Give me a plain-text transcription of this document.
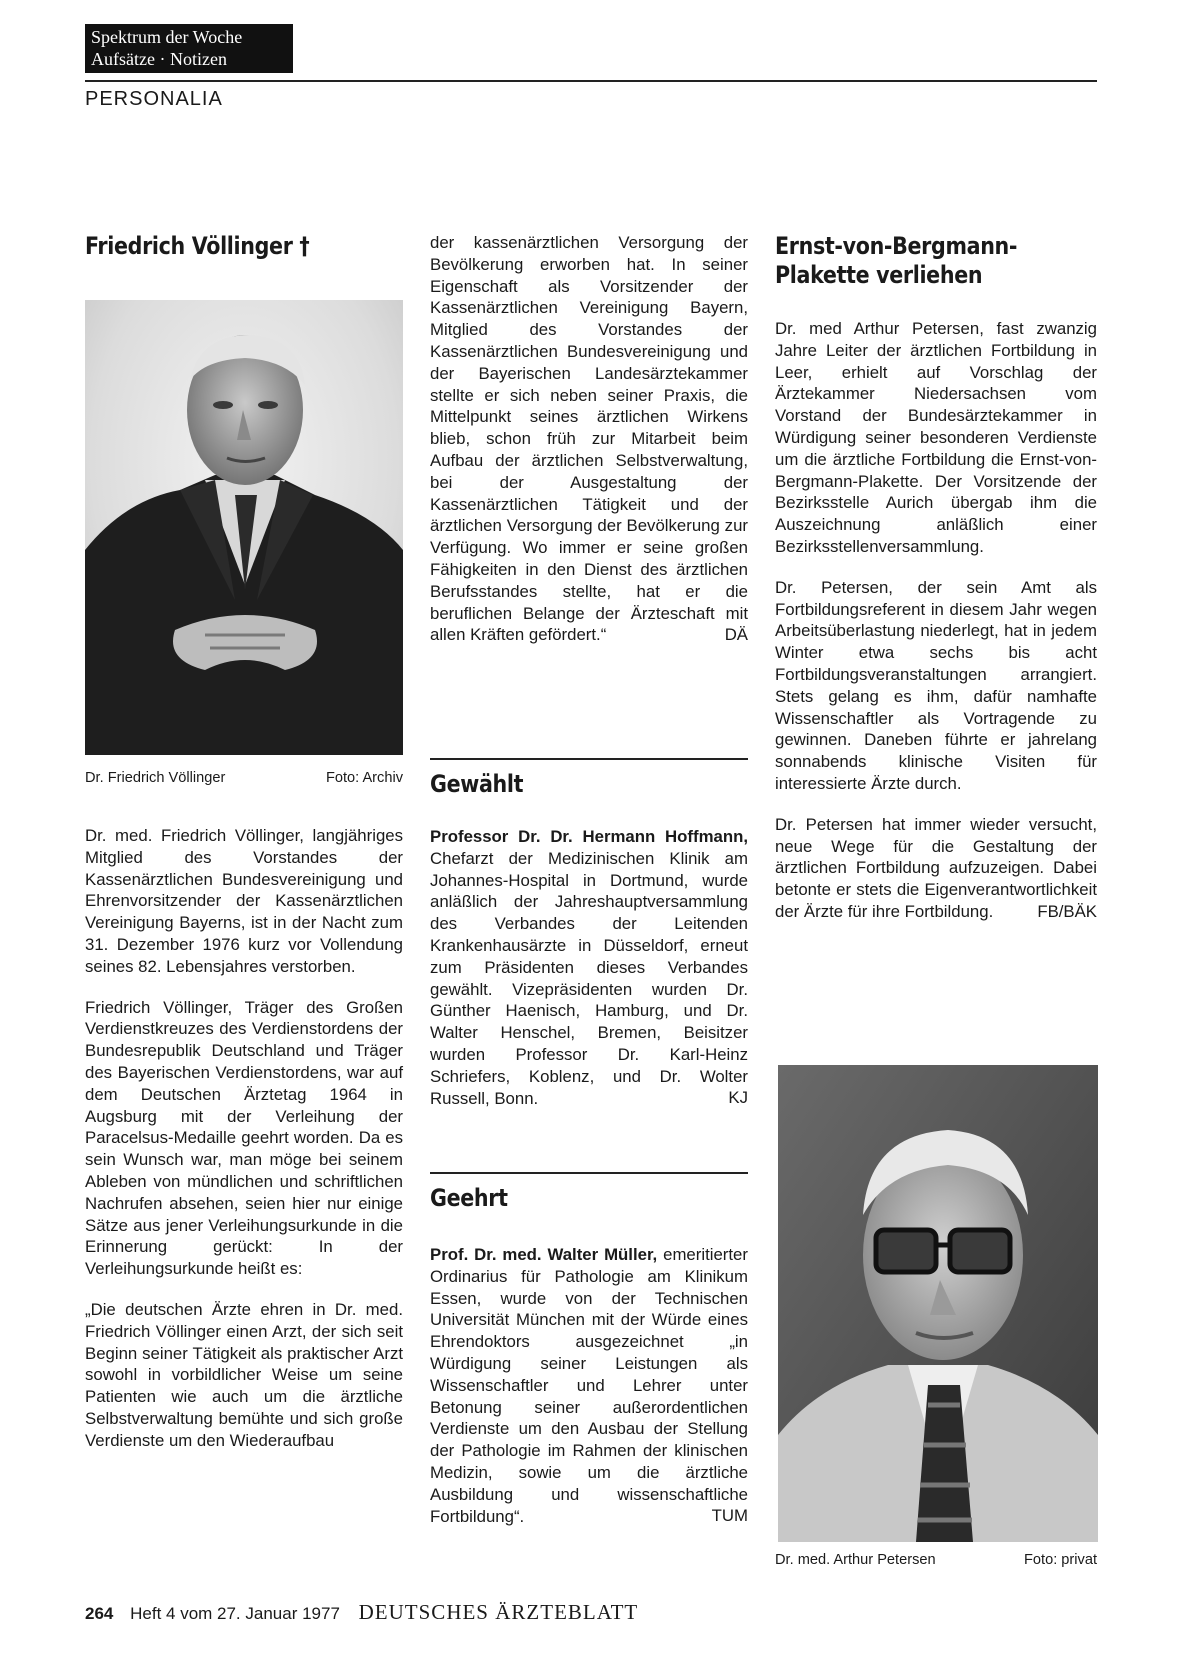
Spektrum der Woche
Aufsätze · Notizen
PERSONALIA
Friedrich Völlinger †
Dr. Friedrich Völlinger	Foto: Archiv

Dr. med. Friedrich Völlinger, langjähriges Mitglied des Vorstandes der Kassenärztlichen Bundesvereinigung und Ehrenvorsitzender der Kassenärztlichen Vereinigung Bayerns, ist in der Nacht zum 31. Dezember 1976 kurz vor Vollendung seines 82. Lebensjahres verstorben.

Friedrich Völlinger, Träger des Großen Verdienstkreuzes des Verdienstordens der Bundesrepublik Deutschland und Träger des Bayerischen Verdienstordens, war auf dem Deutschen Ärztetag 1964 in Augsburg mit der Verleihung der Paracelsus-Medaille geehrt worden. Da es sein Wunsch war, man möge bei seinem Ableben von mündlichen und schriftlichen Nachrufen absehen, seien hier nur einige Sätze aus jener Verleihungsurkunde in die Erinnerung gerückt: In der Verleihungsurkunde heißt es:

„Die deutschen Ärzte ehren in Dr. med. Friedrich Völlinger einen Arzt, der sich seit Beginn seiner Tätigkeit als praktischer Arzt sowohl in vorbildlicher Weise um seine Patienten wie auch um die ärztliche Selbstverwaltung bemühte und sich große Verdienste um den Wiederaufbau

der kassenärztlichen Versorgung der Bevölkerung erworben hat. In seiner Eigenschaft als Vorsitzender der Kassenärztlichen Vereinigung Bayern, Mitglied des Vorstandes der Kassenärztlichen Bundesvereinigung und der Bayerischen Landesärztekammer stellte er sich neben seiner Praxis, die Mittelpunkt seines ärztlichen Wirkens blieb, schon früh zur Mitarbeit beim Aufbau der ärztlichen Selbstverwaltung, bei der Ausgestaltung der Kassenärztlichen Tätigkeit und der ärztlichen Versorgung der Bevölkerung zur Verfügung. Wo immer er seine großen Fähigkeiten in den Dienst des ärztlichen Berufsstandes stellte, hat er die beruflichen Belange der Ärzteschaft mit allen Kräften gefördert.“	DÄ
Gewählt

Professor Dr. Dr. Hermann Hoffmann, Chefarzt der Medizinischen Klinik am Johannes-Hospital in Dortmund, wurde anläßlich der Jahreshauptversammlung des Verbandes der Leitenden Krankenhausärzte in Düsseldorf, erneut zum Präsidenten dieses Verbandes gewählt. Vizepräsidenten wurden Dr. Günther Haenisch, Hamburg, und Dr. Walter Henschel, Bremen, Beisitzer wurden Professor Dr. Karl-Heinz Schriefers, Koblenz, und Dr. Wolter Russell, Bonn.	KJ
Geehrt

Prof. Dr. med. Walter Müller, emeritierter Ordinarius für Pathologie am Klinikum Essen, wurde von der Technischen Universität München mit der Würde eines Ehrendoktors ausgezeichnet „in Würdigung seiner Leistungen als Wissenschaftler und Lehrer unter Betonung seiner außerordentlichen Verdienste um den Ausbau der Stellung der Pathologie im Rahmen der klinischen Medizin, sowie um die ärztliche Ausbildung und wissenschaftliche Fortbildung“.	TUM
Ernst-von-Bergmann-
Plakette verliehen

Dr. med Arthur Petersen, fast zwanzig Jahre Leiter der ärztlichen Fortbildung in Leer, erhielt auf Vorschlag der Ärztekammer Niedersachsen vom Vorstand der Bundesärztekammer in Würdigung seiner besonderen Verdienste um die ärztliche Fortbildung die Ernst-von-Bergmann-Plakette. Der Vorsitzende der Bezirksstelle Aurich übergab ihm die Auszeichnung anläßlich einer Bezirksstellenversammlung.

Dr. Petersen, der sein Amt als Fortbildungsreferent in diesem Jahr wegen Arbeitsüberlastung niederlegt, hat in jedem Winter etwa sechs bis acht Fortbildungsveranstaltungen arrangiert. Stets gelang es ihm, dafür namhafte Wissenschaftler als Vortragende zu gewinnen. Daneben führte er jahrelang sonnabends klinische Visiten für interessierte Ärzte durch.

Dr. Petersen hat immer wieder versucht, neue Wege für die Gestaltung der ärztlichen Fortbildung aufzuzeigen. Dabei betonte er stets die Eigenverantwortlichkeit der Ärzte für ihre Fortbildung.	FB/BÄK
Dr. med. Arthur Petersen	Foto: privat
264 Heft 4 vom 27. Januar 1977 DEUTSCHES ÄRZTEBLATT
